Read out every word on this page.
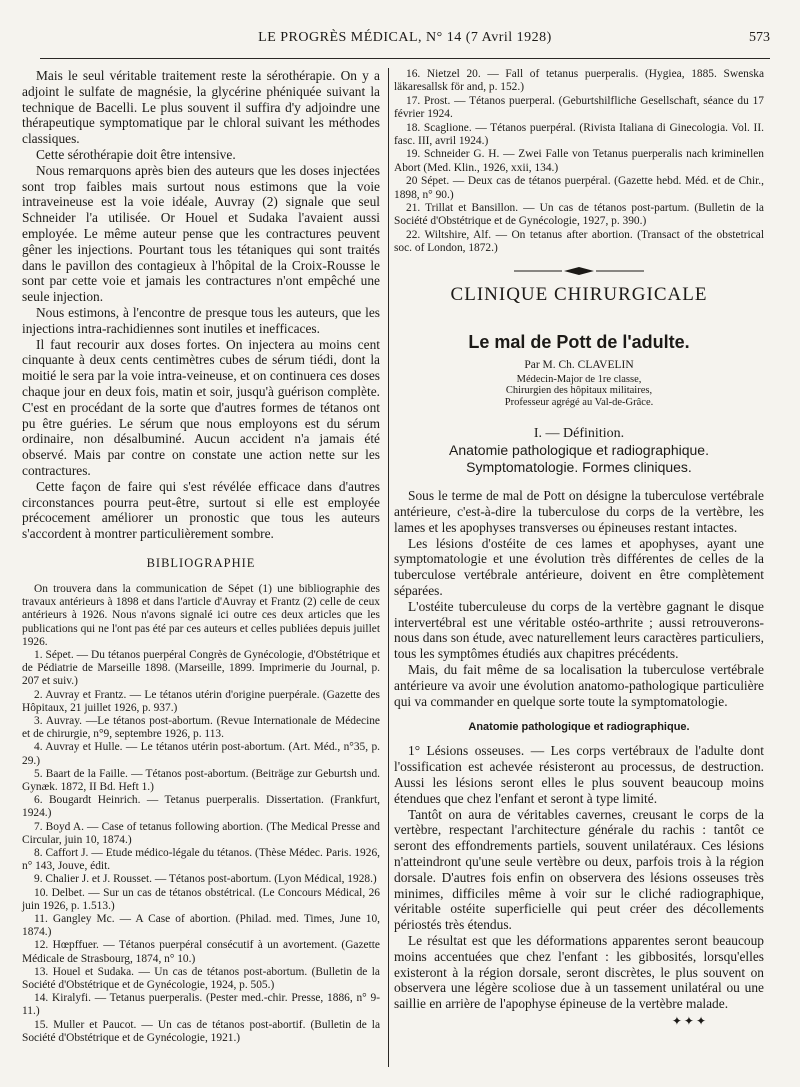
LE PROGRÈS MÉDICAL, N° 14 (7 Avril 1928)	573

Mais le seul véritable traitement reste la sérothérapie. On y a adjoint le sulfate de magnésie, la glycérine phéniquée suivant la technique de Bacelli. Le plus souvent il suffira d'y adjoindre une thérapeutique symptomatique par le chloral suivant les méthodes classiques.

Cette sérothérapie doit être intensive.

Nous remarquons après bien des auteurs que les doses injectées sont trop faibles mais surtout nous estimons que la voie intraveineuse est la voie idéale, Auvray (2) signale que seul Schneider l'a utilisée. Or Houel et Sudaka l'avaient aussi employée. Le même auteur pense que les contractures peuvent gêner les injections. Pourtant tous les tétaniques qui sont traités dans le pavillon des contagieux à l'hôpital de la Croix-Rousse le sont par cette voie et jamais les contractures n'ont empêché une seule injection.

Nous estimons, à l'encontre de presque tous les auteurs, que les injections intra-rachidiennes sont inutiles et inefficaces.

Il faut recourir aux doses fortes. On injectera au moins cent cinquante à deux cents centimètres cubes de sérum tiédi, dont la moitié le sera par la voie intra-veineuse, et on continuera ces doses chaque jour en deux fois, matin et soir, jusqu'à guérison complète. C'est en procédant de la sorte que d'autres formes de tétanos ont pu être guéries. Le sérum que nous employons est du sérum ordinaire, non désalbuminé. Aucun accident n'a jamais été observé. Mais par contre on constate une action nette sur les contractures.

Cette façon de faire qui s'est révélée efficace dans d'autres circonstances pourra peut-être, surtout si elle est employée précocement améliorer un pronostic que tous les auteurs s'accordent à montrer particulièrement sombre.

BIBLIOGRAPHIE

On trouvera dans la communication de Sépet (1) une bibliographie des travaux antérieurs à 1898 et dans l'article d'Auvray et Frantz (2) celle de ceux antérieurs à 1926. Nous n'avons signalé ici outre ces deux articles que les publications qui ne l'ont pas été par ces auteurs et celles publiées depuis juillet 1926.

1. Sépet. — Du tétanos puerpéral Congrès de Gynécologie, d'Obstétrique et de Pédiatrie de Marseille 1898. (Marseille, 1899. Imprimerie du Journal, p. 207 et suiv.)

2. Auvray et Frantz. — Le tétanos utérin d'origine puerpérale. (Gazette des Hôpitaux, 21 juillet 1926, p. 937.)

3. Auvray. —Le tétanos post-abortum. (Revue Internationale de Médecine et de chirurgie, n°9, septembre 1926, p. 113.

4. Auvray et Hulle. — Le tétanos utérin post-abortum. (Art. Méd., n°35, p. 29.)

5. Baart de la Faille. — Tétanos post-abortum. (Beiträge zur Geburtsh und. Gynæk. 1872, II Bd. Heft 1.)

6. Bougardt Heinrich. — Tetanus puerperalis. Dissertation. (Frankfurt, 1924.)

7. Boyd A. — Case of tetanus following abortion. (The Medical Presse and Circular, juin 10, 1874.)

8. Caffort J. — Etude médico-légale du tétanos. (Thèse Médec. Paris. 1926, n° 143, Jouve, édit.

9. Chalier J. et J. Rousset. — Tétanos post-abortum. (Lyon Médical, 1928.)

10. Delbet. — Sur un cas de tétanos obstétrical. (Le Concours Médical, 26 juin 1926, p. 1.513.)

11. Gangley Mc. — A Case of abortion. (Philad. med. Times, June 10, 1874.)

12. Hœpffuer. — Tétanos puerpéral consécutif à un avortement. (Gazette Médicale de Strasbourg, 1874, n° 10.)

13. Houel et Sudaka. — Un cas de tétanos post-abortum. (Bulletin de la Société d'Obstétrique et de Gynécologie, 1924, p. 505.)

14. Kiralyfi. — Tetanus puerperalis. (Pester med.-chir. Presse, 1886, n° 9-11.)

15. Muller et Paucot. — Un cas de tétanos post-abortif. (Bulletin de la Société d'Obstétrique et de Gynécologie, 1921.)

16. Nietzel 20. — Fall of tetanus puerperalis. (Hygiea, 1885. Swenska läkaresallsk för and, p. 152.)

17. Prost. — Tétanos puerperal. (Geburtshilfliche Gesellschaft, séance du 17 février 1924.

18. Scaglione. — Tétanos puerpéral. (Rivista Italiana di Ginecologia. Vol. II. fasc. III, avril 1924.)

19. Schneider G. H. — Zwei Falle von Tetanus puerperalis nach kriminellen Abort (Med. Klin., 1926, xxii, 134.)

20 Sépet. — Deux cas de tétanos puerpéral. (Gazette hebd. Méd. et de Chir., 1898, n° 90.)

21. Trillat et Bansillon. — Un cas de tétanos post-partum. (Bulletin de la Société d'Obstétrique et de Gynécologie, 1927, p. 390.)

22. Wiltshire, Alf. — On tetanus after abortion. (Transact of the obstetrical soc. of London, 1872.)

CLINIQUE CHIRURGICALE
Le mal de Pott de l'adulte.
Par M. Ch. CLAVELIN
Médecin-Major de 1re classe,
Chirurgien des hôpitaux militaires,
Professeur agrégé au Val-de-Grâce.
I. — Définition.
Anatomie pathologique et radiographique.
Symptomatologie. Formes cliniques.

Sous le terme de mal de Pott on désigne la tuberculose vertébrale antérieure, c'est-à-dire la tuberculose du corps de la vertèbre, les lames et les apophyses transverses ou épineuses restant intactes.

Les lésions d'ostéite de ces lames et apophyses, ayant une symptomatologie et une évolution très différentes de celles de la tuberculose vertébrale antérieure, doivent en être complètement séparées.

L'ostéite tuberculeuse du corps de la vertèbre gagnant le disque intervertébral est une véritable ostéo-arthrite ; aussi retrouverons-nous dans son étude, avec naturellement leurs caractères particuliers, tous les symptômes étudiés aux chapitres précédents.

Mais, du fait même de sa localisation la tuberculose vertébrale antérieure va avoir une évolution anatomo-pathologique particulière qui va commander en quelque sorte toute la symptomatologie.

Anatomie pathologique et radiographique.

1° Lésions osseuses. — Les corps vertébraux de l'adulte dont l'ossification est achevée résisteront au processus, de destruction. Aussi les lésions seront elles le plus souvent beaucoup moins étendues que chez l'enfant et seront à type limité.

Tantôt on aura de véritables cavernes, creusant le corps de la vertèbre, respectant l'architecture générale du rachis : tantôt ce seront des effondrements partiels, souvent unilatéraux. Ces lésions n'atteindront qu'une seule vertèbre ou deux, parfois trois à la région dorsale. D'autres fois enfin on observera des lésions osseuses très minimes, difficiles même à voir sur le cliché radiographique, véritable ostéite superficielle qui peut créer des décollements périostés très étendus.

Le résultat est que les déformations apparentes seront beaucoup moins accentuées que chez l'enfant : les gibbosités, lorsqu'elles existeront à la région dorsale, seront discrètes, le plus souvent on observera une légère scoliose due à un tassement unilatéral ou une saillie en arrière de l'apophyse épineuse de la vertèbre malade.

✦✦✦
